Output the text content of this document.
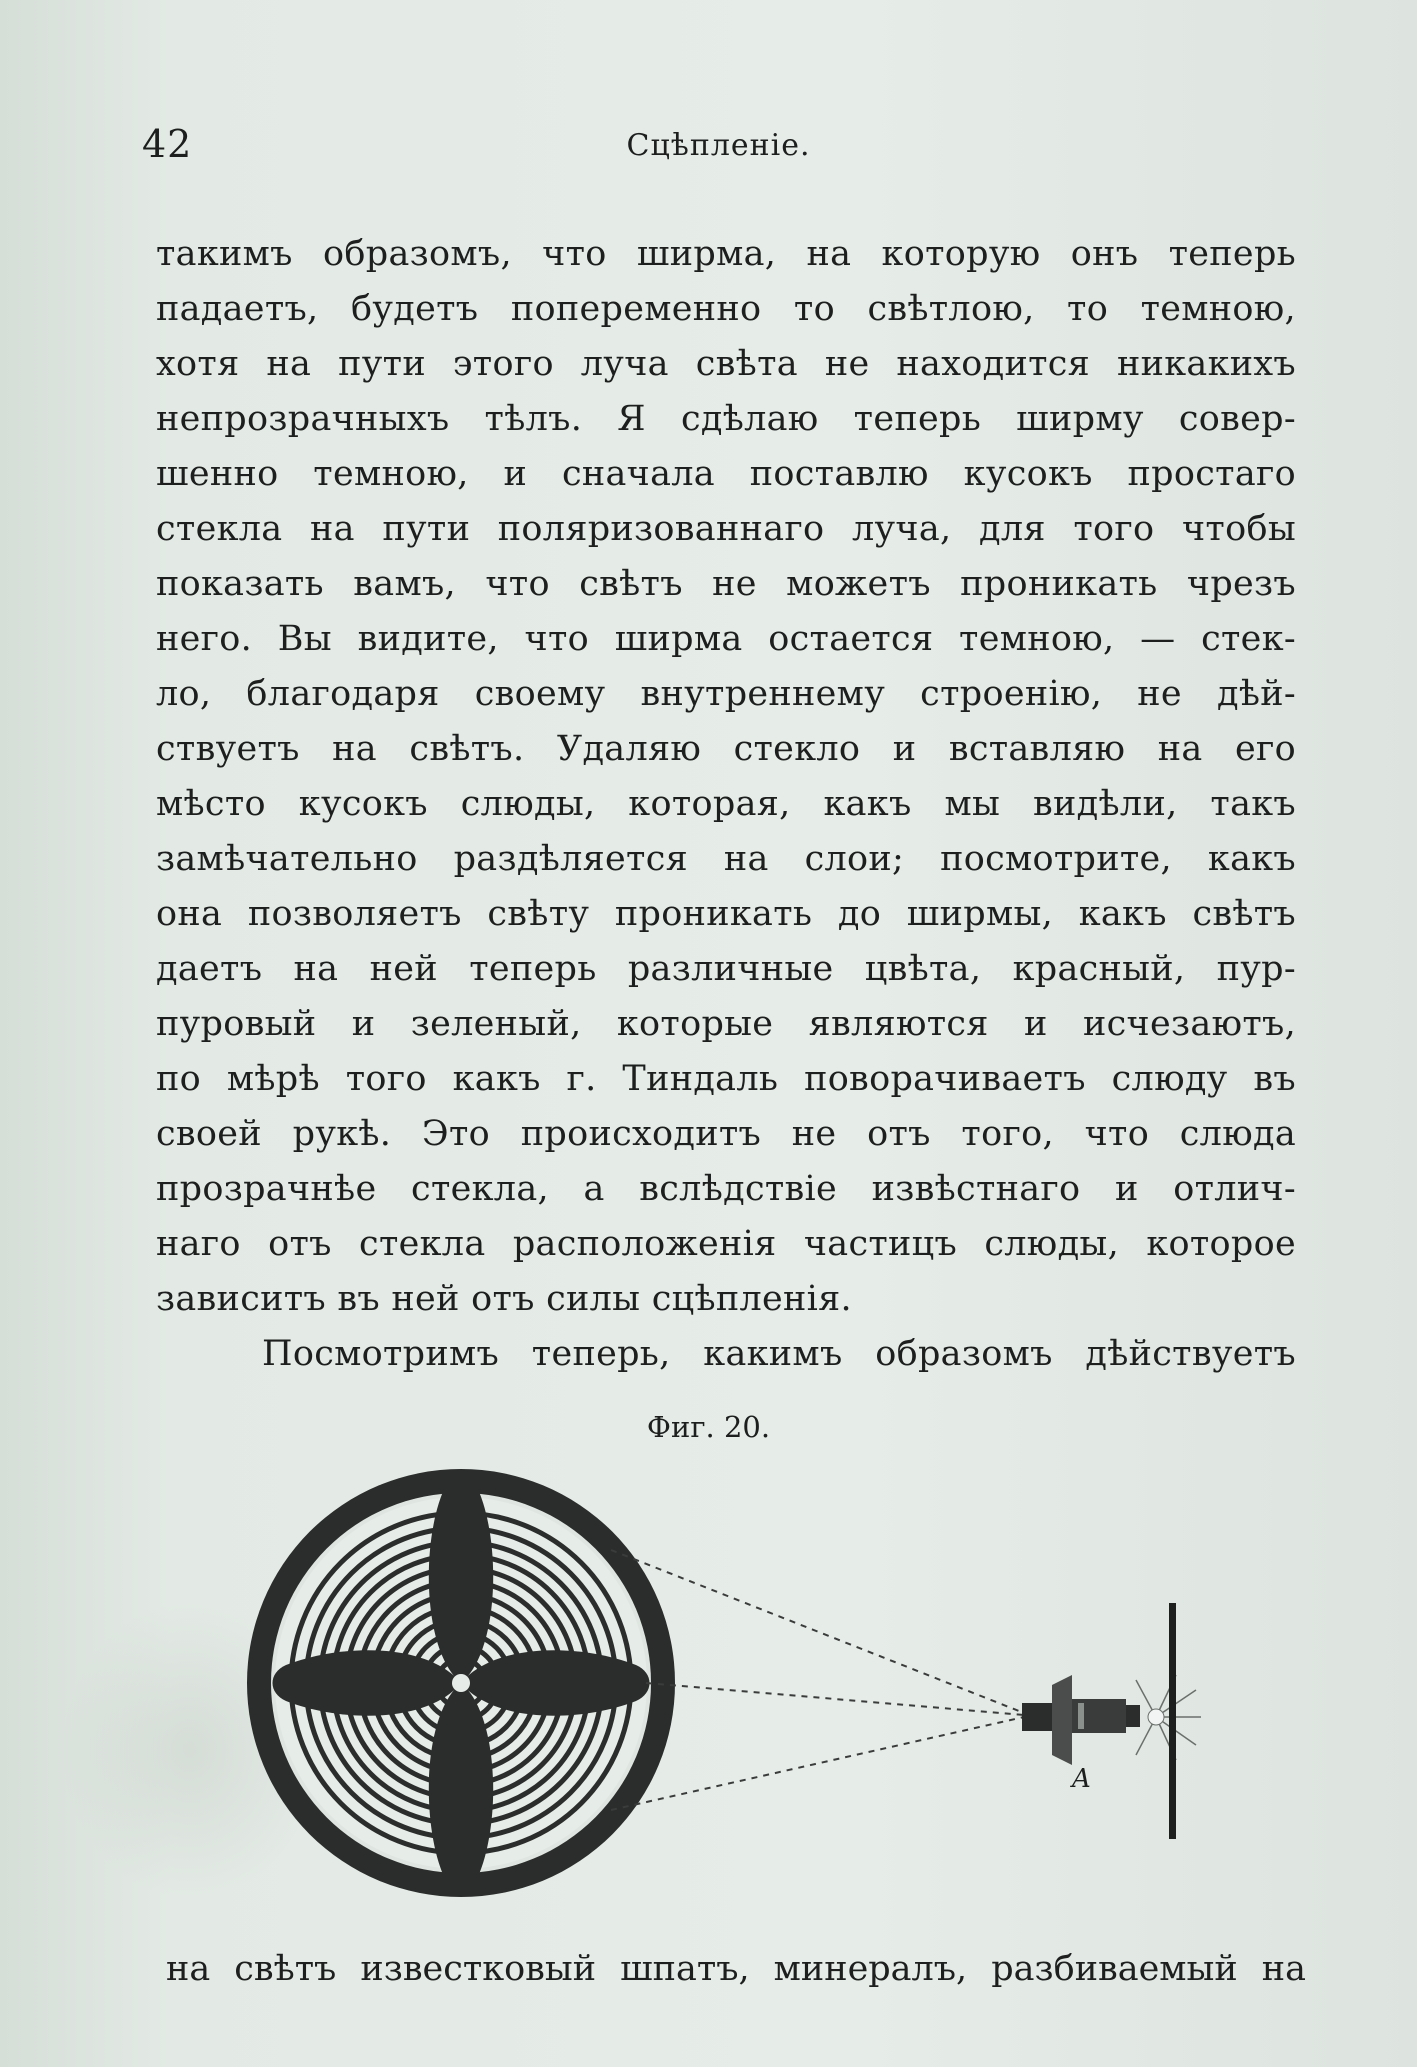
42	Сцѣпленіе.
такимъ образомъ, что ширма, на которую онъ теперь
падаетъ, будетъ попеременно то свѣтлою, то темною,
хотя на пути этого луча свѣта не находится никакихъ
непрозрачныхъ тѣлъ. Я сдѣлаю теперь ширму совер-
шенно темною, и сначала поставлю кусокъ простаго
стекла на пути поляризованнаго луча, для того чтобы
показать вамъ, что свѣтъ не можетъ проникать чрезъ
него. Вы видите, что ширма остается темною, — стек-
ло, благодаря своему внутреннему строенію, не дѣй-
ствуетъ на свѣтъ. Удаляю стекло и вставляю на его
мѣсто кусокъ слюды, которая, какъ мы видѣли, такъ
замѣчательно раздѣляется на слои; посмотрите, какъ
она позволяетъ свѣту проникать до ширмы, какъ свѣтъ
даетъ на ней теперь различные цвѣта, красный, пур-
пуровый и зеленый, которые являются и исчезаютъ,
по мѣрѣ того какъ г. Тиндаль поворачиваетъ слюду въ
своей рукѣ. Это происходитъ не отъ того, что слюда
прозрачнѣе стекла, а вслѣдствіе извѣстнаго и отлич-
наго отъ стекла расположенія частицъ слюды, которое
зависитъ въ ней отъ силы сцѣпленія.
Посмотримъ теперь, какимъ образомъ дѣйствуетъ
Фиг. 20.
A
на свѣтъ известковый шпатъ, минералъ, разбиваемый на
